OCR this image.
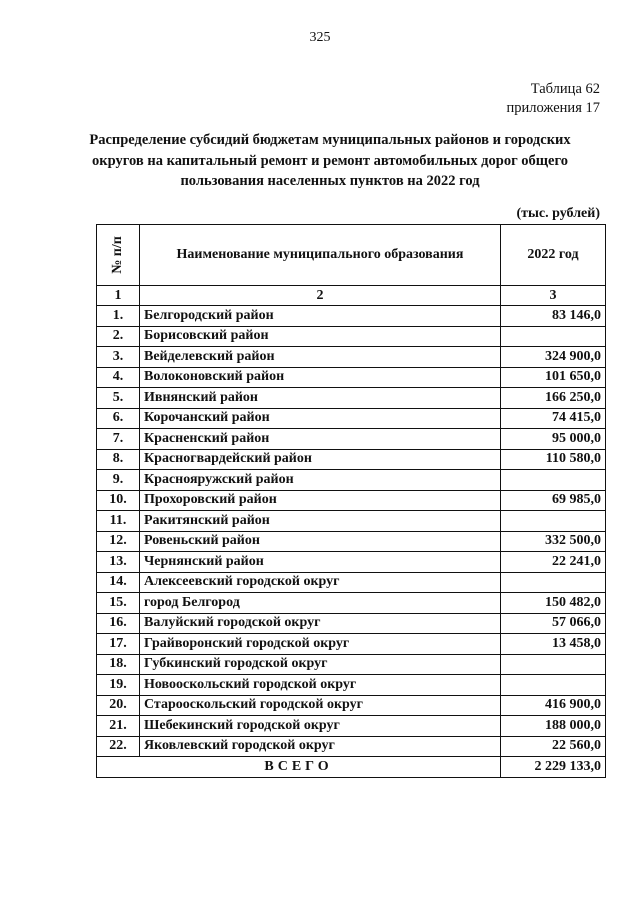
325
Таблица 62
приложения 17
Распределение субсидий бюджетам муниципальных районов и городских округов на капитальный ремонт и ремонт автомобильных дорог общего пользования населенных пунктов на 2022 год
(тыс. рублей)
№ п/п	Наименование муниципального образования	2022 год
1	2	3
1.	Белгородский район	83 146,0
2.	Борисовский район	
3.	Вейделевский район	324 900,0
4.	Волоконовский район	101 650,0
5.	Ивнянский район	166 250,0
6.	Корочанский район	74 415,0
7.	Красненский район	95 000,0
8.	Красногвардейский район	110 580,0
9.	Краснояружский район	
10.	Прохоровский район	69 985,0
11.	Ракитянский район	
12.	Ровеньский район	332 500,0
13.	Чернянский район	22 241,0
14.	Алексеевский городской округ	
15.	город Белгород	150 482,0
16.	Валуйский городской округ	57 066,0
17.	Грайворонский городской округ	13 458,0
18.	Губкинский городской округ	
19.	Новооскольский городской округ	
20.	Старооскольский городской округ	416 900,0
21.	Шебекинский городской округ	188 000,0
22.	Яковлевский городской округ	22 560,0
ВСЕГО		2 229 133,0
